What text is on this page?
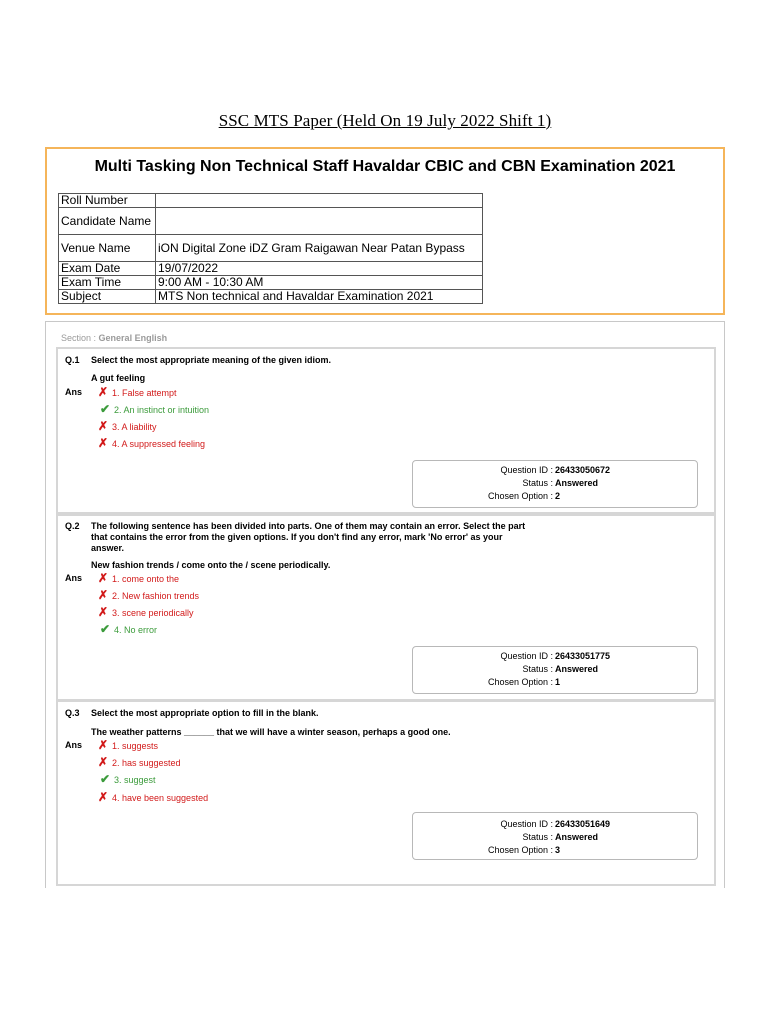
SSC MTS Paper (Held On 19 July 2022 Shift 1)
Multi Tasking Non Technical Staff Havaldar CBIC and CBN Examination 2021
Roll Number	
Candidate Name	
Venue Name	iON Digital Zone iDZ Gram Raigawan Near Patan Bypass
Exam Date	19/07/2022
Exam Time	9:00 AM - 10:30 AM
Subject	MTS Non technical and Havaldar Examination 2021
Section : General English
Q.1 Select the most appropriate meaning of the given idiom.
A gut feeling
Ans ✗ 1. False attempt
✔ 2. An instinct or intuition
✗ 3. A liability
✗ 4. A suppressed feeling
Question ID : 26433050672
Status : Answered
Chosen Option : 2
Q.2 The following sentence has been divided into parts. One of them may contain an error. Select the part that contains the error from the given options. If you don't find any error, mark 'No error' as your answer.
New fashion trends / come onto the / scene periodically.
Ans ✗ 1. come onto the
✗ 2. New fashion trends
✗ 3. scene periodically
✔ 4. No error
Question ID : 26433051775
Status : Answered
Chosen Option : 1
Q.3 Select the most appropriate option to fill in the blank.
The weather patterns ______ that we will have a winter season, perhaps a good one.
Ans ✗ 1. suggests
✗ 2. has suggested
✔ 3. suggest
✗ 4. have been suggested
Question ID : 26433051649
Status : Answered
Chosen Option : 3
